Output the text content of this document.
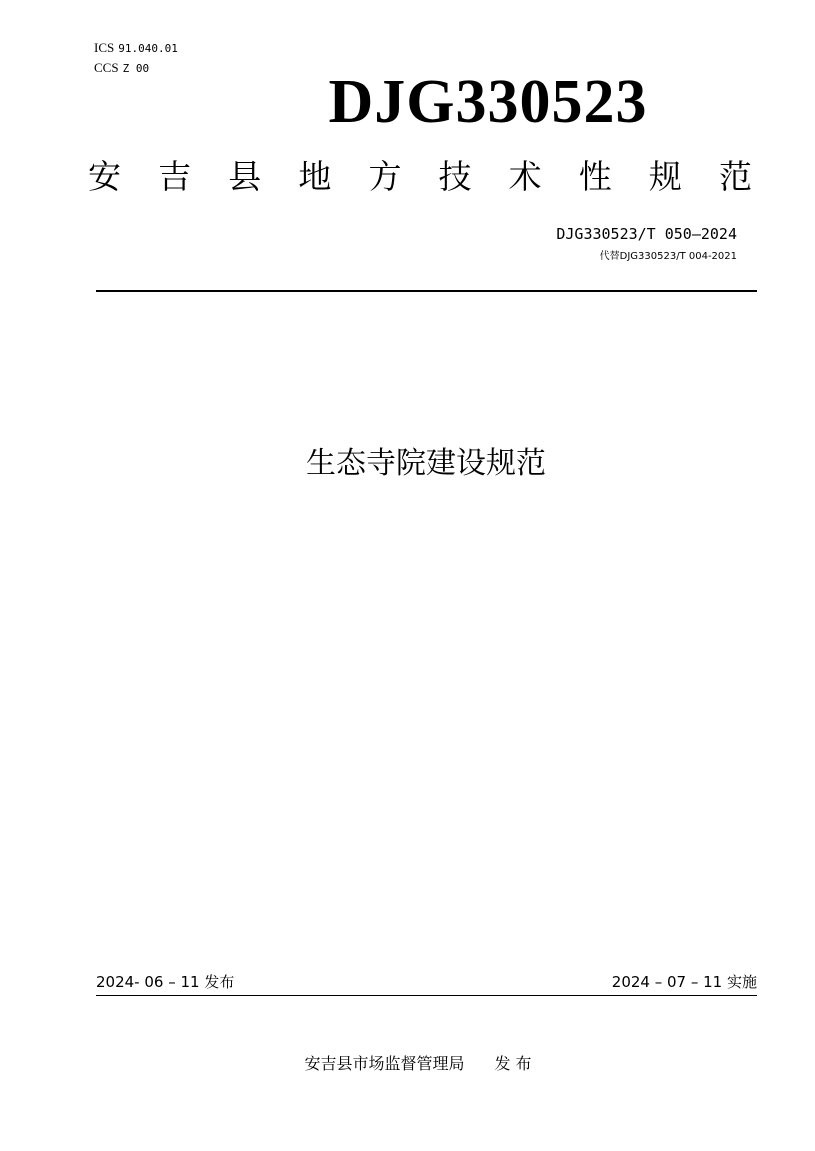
ICS 91.040.01
CCS Z 00	DJG330523
安 吉 县 地 方 技 术 性 规 范
DJG330523/T 050—2024
代替DJG330523/T 004-2021
生态寺院建设规范
2024- 06 – 11 发布	2024 – 07 – 11 实施
安吉县市场监督管理局 发 布
